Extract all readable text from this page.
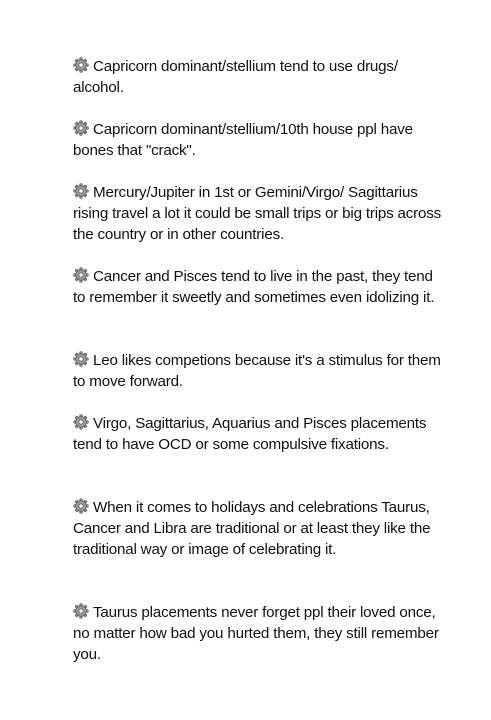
Capricorn dominant/stellium tend to use drugs/ alcohol.

Capricorn dominant/stellium/10th house ppl have bones that "crack".

Mercury/Jupiter in 1st or Gemini/Virgo/ Sagittarius rising travel a lot it could be small trips or big trips across the country or in other countries.

Cancer and Pisces tend to live in the past, they tend to remember it sweetly and sometimes even idolizing it.

Leo likes competions because it's a stimulus for them to move forward.

Virgo, Sagittarius, Aquarius and Pisces placements tend to have OCD or some compulsive fixations.

When it comes to holidays and celebrations Taurus, Cancer and Libra are traditional or at least they like the traditional way or image of celebrating it.

Taurus placements never forget ppl their loved once, no matter how bad you hurted them, they still remember you.
